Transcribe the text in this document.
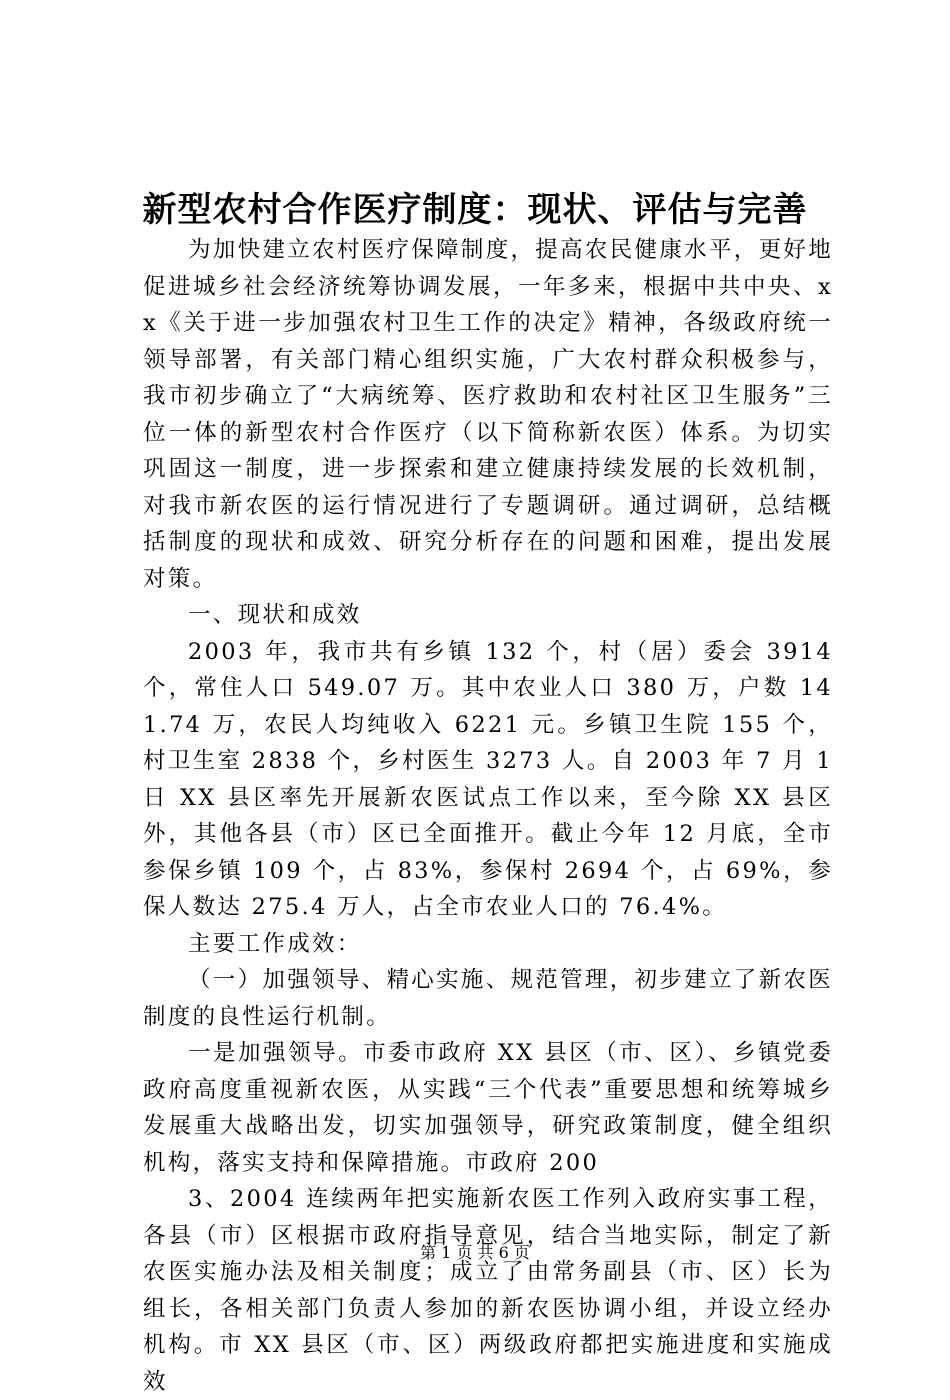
新型农村合作医疗制度：现状、评估与完善

为加快建立农村医疗保障制度，提高农民健康水平，更好地促进城乡社会经济统筹协调发展，一年多来，根据中共中央、xx《关于进一步加强农村卫生工作的决定》精神，各级政府统一领导部署，有关部门精心组织实施，广大农村群众积极参与，我市初步确立了“大病统筹、医疗救助和农村社区卫生服务”三位一体的新型农村合作医疗（以下简称新农医）体系。为切实巩固这一制度，进一步探索和建立健康持续发展的长效机制，对我市新农医的运行情况进行了专题调研。通过调研，总结概括制度的现状和成效、研究分析存在的问题和困难，提出发展对策。

一、现状和成效

2003 年，我市共有乡镇 132 个，村（居）委会 3914 个，常住人口 549.07 万。其中农业人口 380 万，户数 141.74 万，农民人均纯收入 6221 元。乡镇卫生院 155 个，村卫生室 2838 个，乡村医生 3273 人。自 2003 年 7 月 1 日 XX 县区率先开展新农医试点工作以来，至今除 XX 县区外，其他各县（市）区已全面推开。截止今年 12 月底，全市参保乡镇 109 个，占 83%，参保村 2694 个，占 69%，参保人数达 275.4 万人，占全市农业人口的 76.4%。

主要工作成效：

（一）加强领导、精心实施、规范管理，初步建立了新农医制度的良性运行机制。

一是加强领导。市委市政府 XX 县区（市、区）、乡镇党委政府高度重视新农医，从实践“三个代表”重要思想和统筹城乡发展重大战略出发，切实加强领导，研究政策制度，健全组织机构，落实支持和保障措施。市政府 200

3、2004 连续两年把实施新农医工作列入政府实事工程，各县（市）区根据市政府指导意见，结合当地实际，制定了新农医实施办法及相关制度；成立了由常务副县（市、区）长为组长，各相关部门负责人参加的新农医协调小组，并设立经办机构。市 XX 县区（市、区）两级政府都把实施进度和实施成效

第 1 页 共 6 页
